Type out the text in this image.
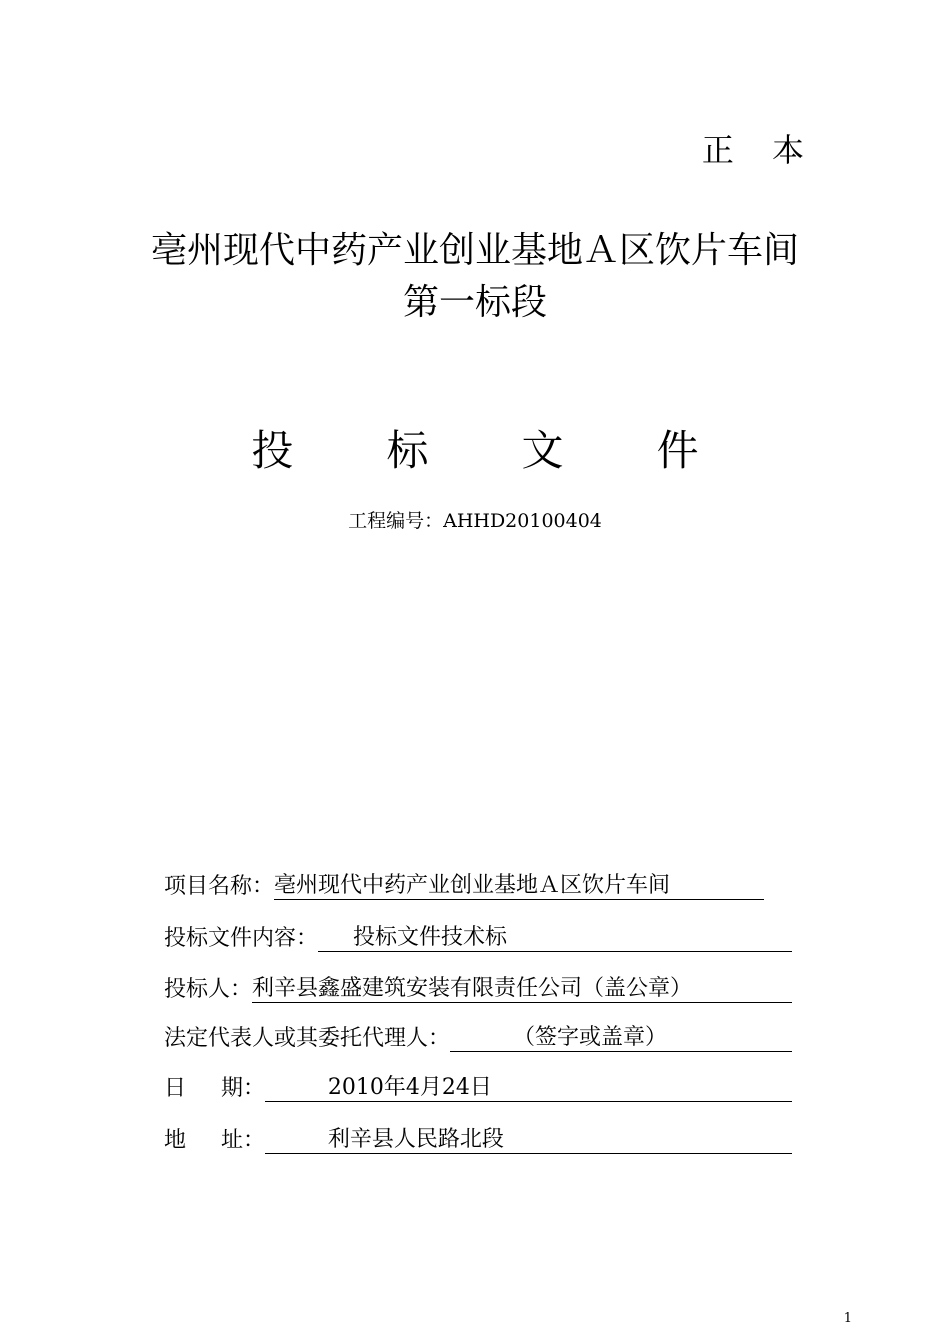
正 本
亳州现代中药产业创业基地Ａ区饮片车间
第一标段
投 标 文 件
工程编号：AHHD20100404
项目名称： 亳州现代中药产业创业基地Ａ区饮片车间
投标文件内容： 投标文件技术标
投标人： 利辛县鑫盛建筑安装有限责任公司（盖公章）
法定代表人或其委托代理人： （签字或盖章）
日     期： 2010年4月24日
地     址： 利辛县人民路北段
1
